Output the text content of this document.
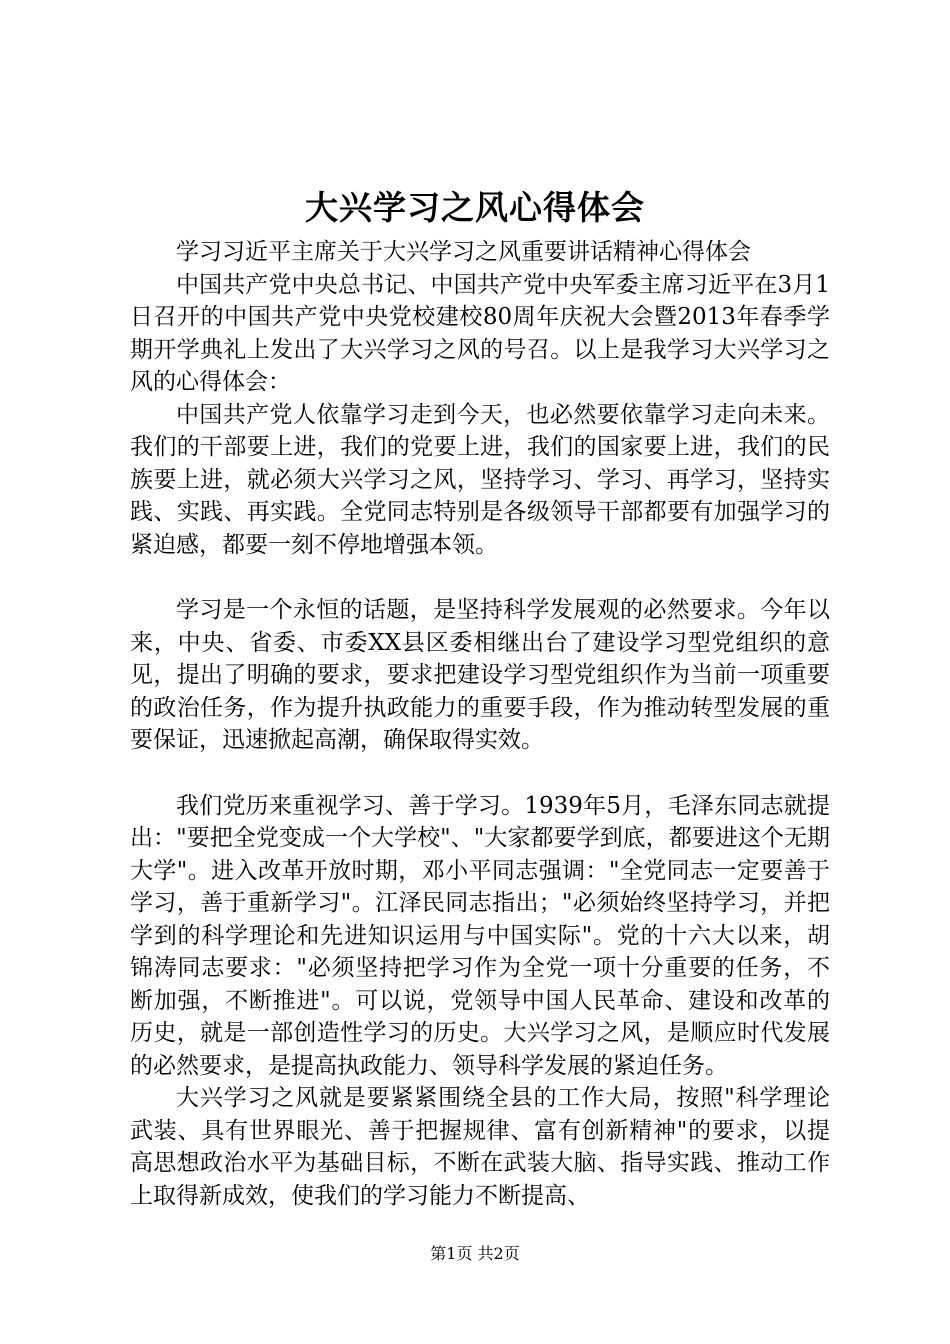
大兴学习之风心得体会

学习习近平主席关于大兴学习之风重要讲话精神心得体会

中国共产党中央总书记、中国共产党中央军委主席习近平在3月1日召开的中国共产党中央党校建校80周年庆祝大会暨2013年春季学期开学典礼上发出了大兴学习之风的号召。以上是我学习大兴学习之风的心得体会：

中国共产党人依靠学习走到今天，也必然要依靠学习走向未来。我们的干部要上进，我们的党要上进，我们的国家要上进，我们的民族要上进，就必须大兴学习之风，坚持学习、学习、再学习，坚持实践、实践、再实践。全党同志特别是各级领导干部都要有加强学习的紧迫感，都要一刻不停地增强本领。

学习是一个永恒的话题，是坚持科学发展观的必然要求。今年以来，中央、省委、市委XX县区委相继出台了建设学习型党组织的意见，提出了明确的要求，要求把建设学习型党组织作为当前一项重要的政治任务，作为提升执政能力的重要手段，作为推动转型发展的重要保证，迅速掀起高潮，确保取得实效。

我们党历来重视学习、善于学习。1939年5月，毛泽东同志就提出："要把全党变成一个大学校"、"大家都要学到底，都要进这个无期大学"。进入改革开放时期，邓小平同志强调："全党同志一定要善于学习，善于重新学习"。江泽民同志指出；"必须始终坚持学习，并把学到的科学理论和先进知识运用与中国实际"。党的十六大以来，胡锦涛同志要求："必须坚持把学习作为全党一项十分重要的任务，不断加强，不断推进"。可以说，党领导中国人民革命、建设和改革的历史，就是一部创造性学习的历史。大兴学习之风，是顺应时代发展的必然要求，是提高执政能力、领导科学发展的紧迫任务。

大兴学习之风就是要紧紧围绕全县的工作大局，按照"科学理论武装、具有世界眼光、善于把握规律、富有创新精神"的要求，以提高思想政治水平为基础目标，不断在武装大脑、指导实践、推动工作上取得新成效，使我们的学习能力不断提高、

第1页 共2页
